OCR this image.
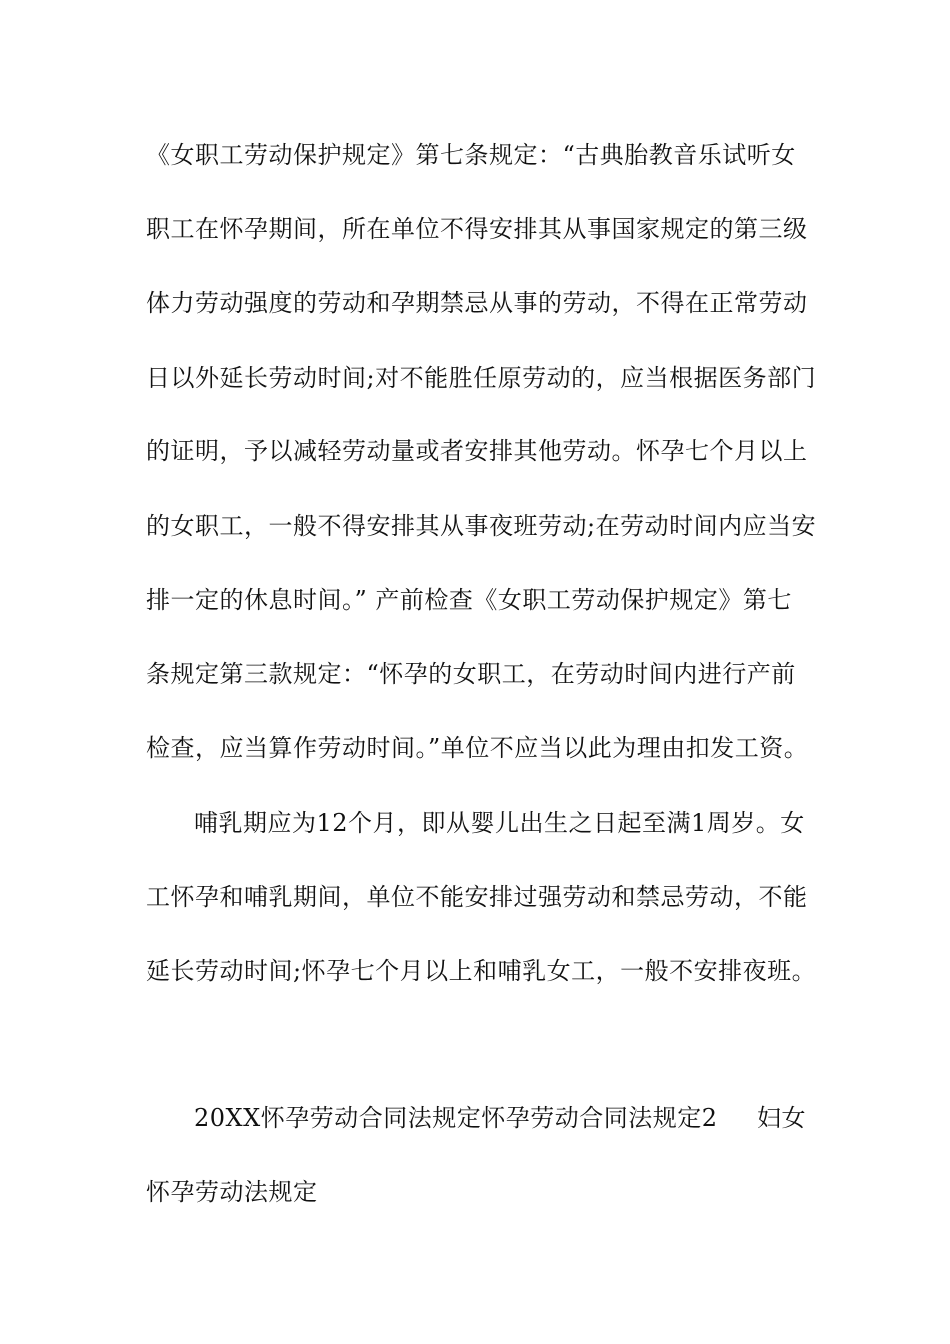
《女职工劳动保护规定》第七条规定：“古典胎教音乐试听女
职工在怀孕期间，所在单位不得安排其从事国家规定的第三级
体力劳动强度的劳动和孕期禁忌从事的劳动，不得在正常劳动
日以外延长劳动时间;对不能胜任原劳动的，应当根据医务部门
的证明，予以减轻劳动量或者安排其他劳动。怀孕七个月以上
的女职工，一般不得安排其从事夜班劳动;在劳动时间内应当安
排一定的休息时间。” 产前检查《女职工劳动保护规定》第七
条规定第三款规定：“怀孕的女职工，在劳动时间内进行产前
检查，应当算作劳动时间。”单位不应当以此为理由扣发工资。
哺乳期应为12个月，即从婴儿出生之日起至满1周岁。女
工怀孕和哺乳期间，单位不能安排过强劳动和禁忌劳动，不能
延长劳动时间;怀孕七个月以上和哺乳女工，一般不安排夜班。
20XX怀孕劳动合同法规定怀孕劳动合同法规定2 妇女
怀孕劳动法规定
